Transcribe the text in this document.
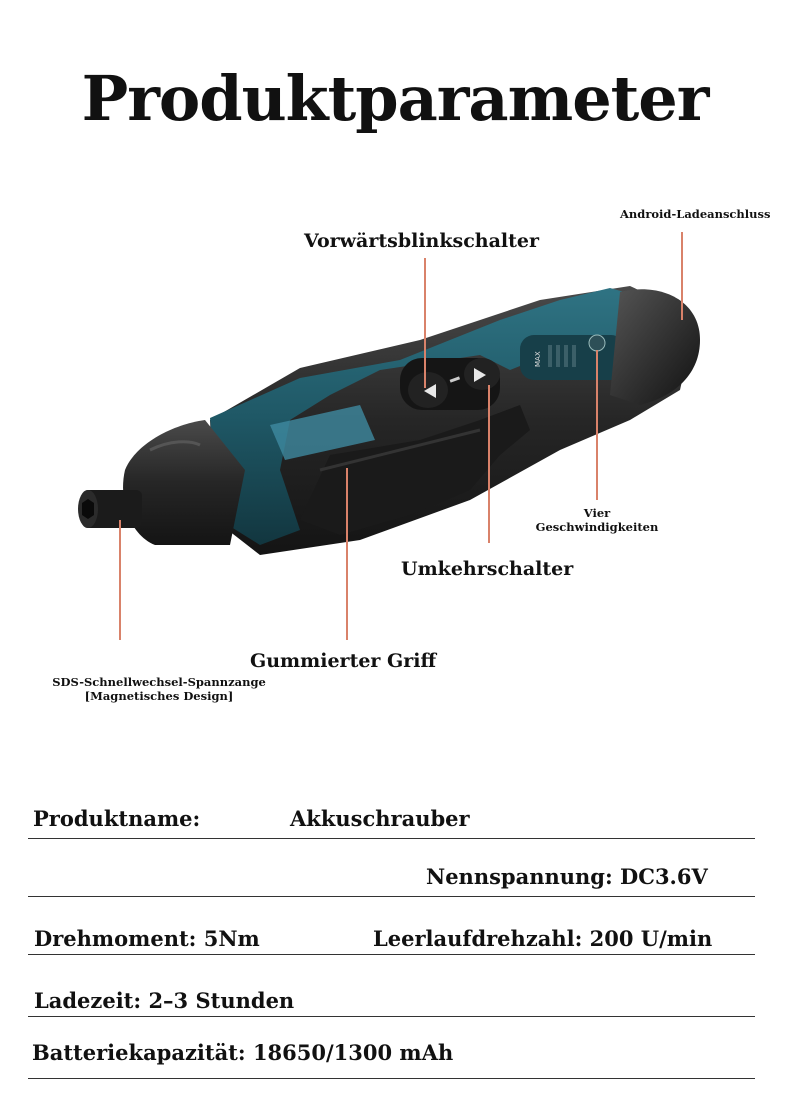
Produktparameter
MAX
Vorwärtsblinkschalter
Android-Ladeanschluss
Vier
Geschwindigkeiten
Umkehrschalter
Gummierter Griff
SDS-Schnellwechsel-Spannzange
[Magnetisches Design]
Produktname:	Akkuschrauber
Nennspannung: DC3.6V
Drehmoment: 5Nm	Leerlaufdrehzahl: 200 U/min
Ladezeit: 2–3 Stunden
Batteriekapazität: 18650/1300 mAh
